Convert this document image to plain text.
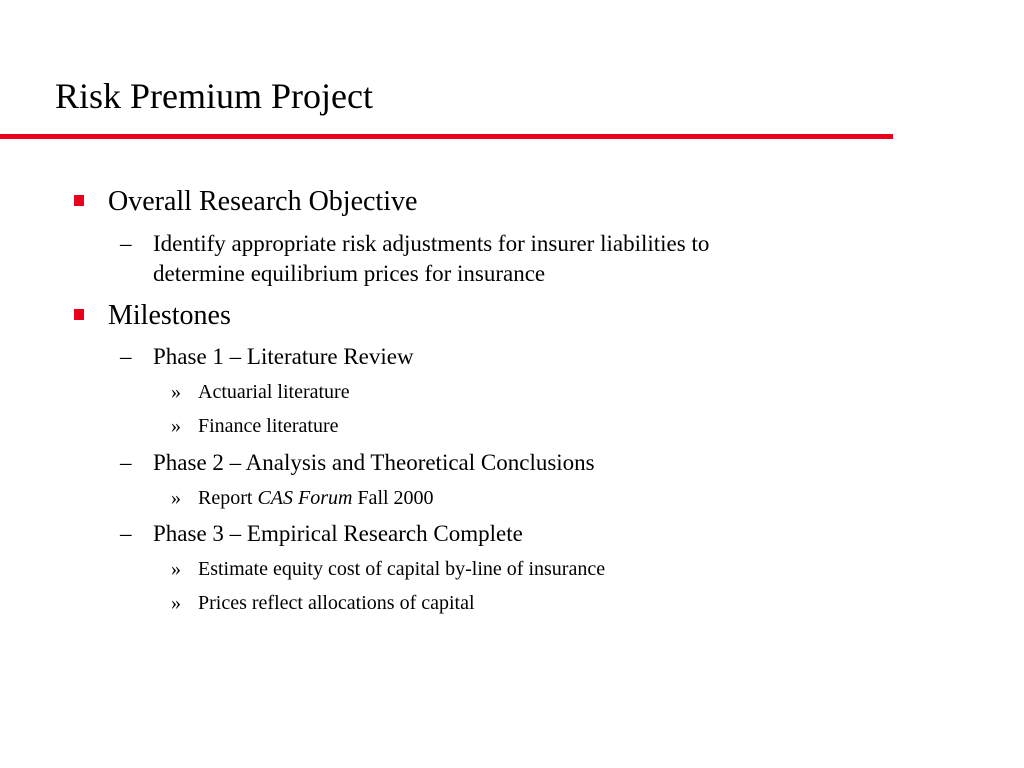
Risk Premium Project
Overall Research Objective
– Identify appropriate risk adjustments for insurer liabilities to
determine equilibrium prices for insurance
Milestones
– Phase 1 – Literature Review
» Actuarial literature
» Finance literature
– Phase 2 – Analysis and Theoretical Conclusions
» Report CAS Forum Fall 2000
– Phase 3 – Empirical Research Complete
» Estimate equity cost of capital by-line of insurance
» Prices reflect allocations of capital
